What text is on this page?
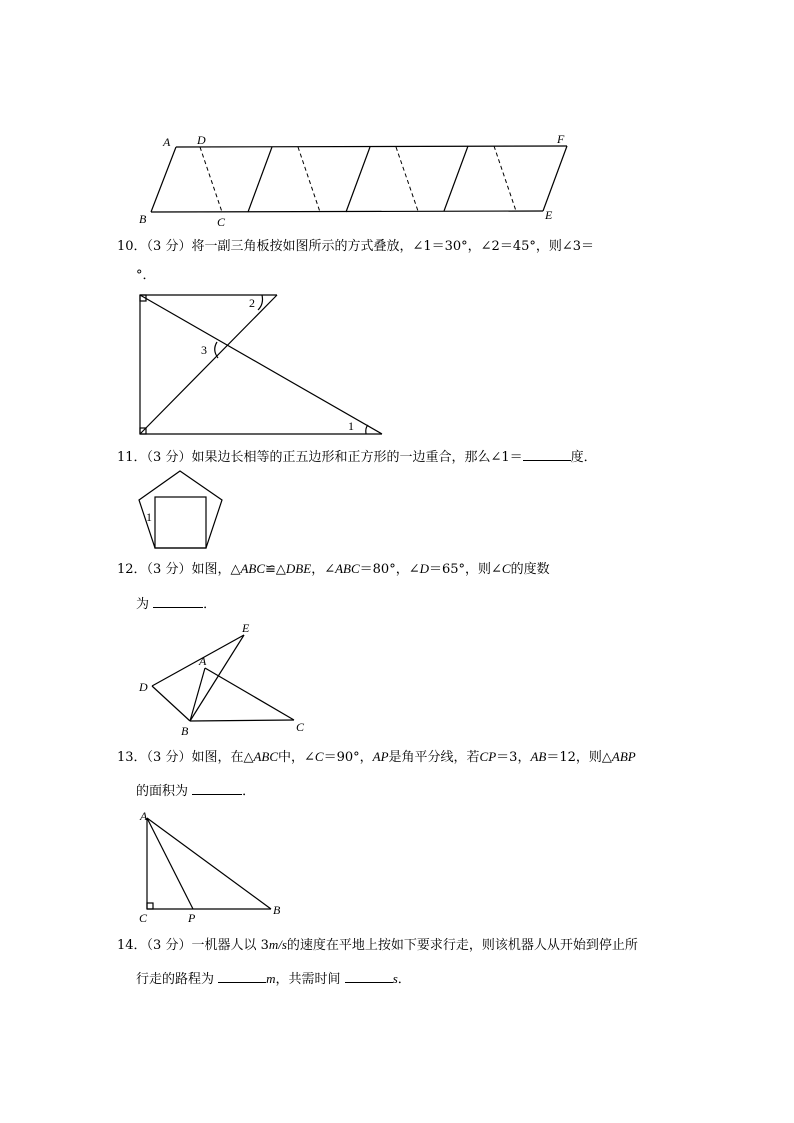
A D	F
B	C	E
10．（3 分）将一副三角板按如图所示的方式叠放，∠1＝30°，∠2＝45°，则∠3＝
°．
2
3
1
11．（3 分）如果边长相等的正五边形和正方形的一边重合，那么∠1＝	度．
1
12．（3 分）如图，△ABC≌△DBE，∠ABC＝80°，∠D＝65°，则∠C的度数
为	．
E
A
D
B	C
13．（3 分）如图，在△ABC中，∠C＝90°，AP是角平分线，若CP＝3，AB＝12，则△ABP
的面积为	．
A
C	P
B
14．（3 分）一机器人以 3m/s的速度在平地上按如下要求行走，则该机器人从开始到停止所
行走的路程为	m，共需时间	s．
